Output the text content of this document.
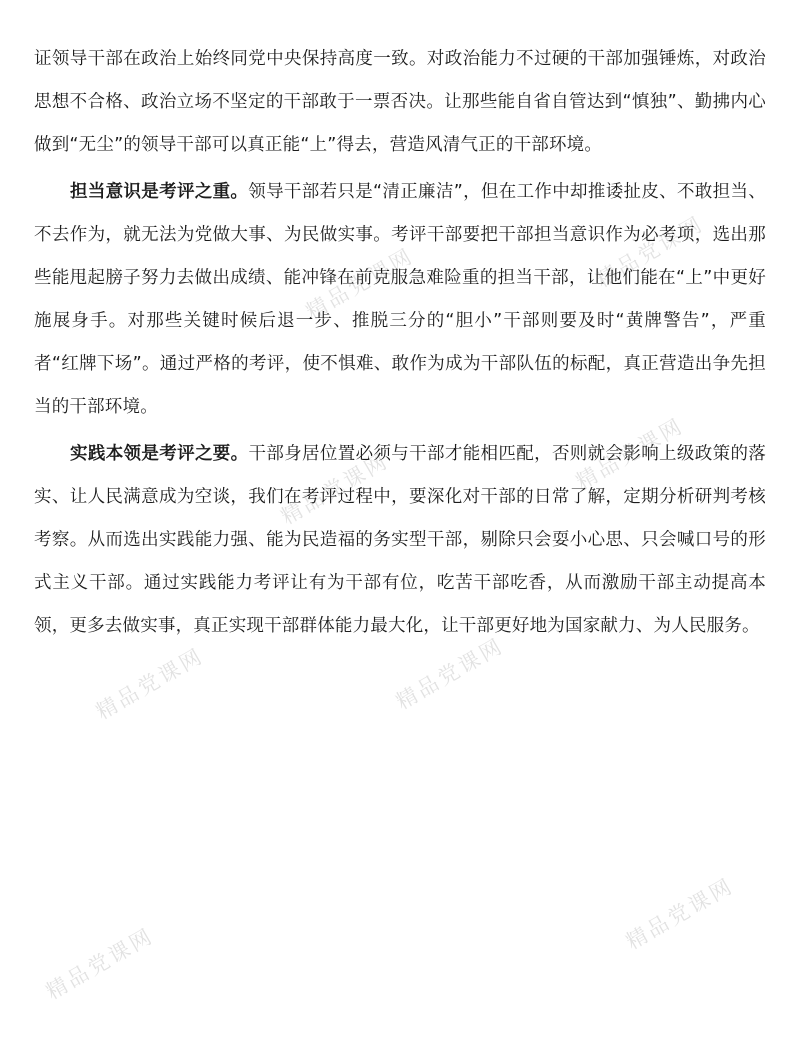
精品党课网	精品党课网
精品党课网	精品党课网
精品党课网	精品党课网
精品党课网
精品党课网

证领导干部在政治上始终同党中央保持高度一致。对政治能力不过硬的干部加强锤炼，对政治思想不合格、政治立场不坚定的干部敢于一票否决。让那些能自省自管达到“慎独”、勤拂内心做到“无尘”的领导干部可以真正能“上”得去，营造风清气正的干部环境。

担当意识是考评之重。领导干部若只是“清正廉洁”，但在工作中却推诿扯皮、不敢担当、不去作为，就无法为党做大事、为民做实事。考评干部要把干部担当意识作为必考项，选出那些能甩起膀子努力去做出成绩、能冲锋在前克服急难险重的担当干部，让他们能在“上”中更好施展身手。对那些关键时候后退一步、推脱三分的“胆小”干部则要及时“黄牌警告”，严重者“红牌下场”。通过严格的考评，使不惧难、敢作为成为干部队伍的标配，真正营造出争先担当的干部环境。

实践本领是考评之要。干部身居位置必须与干部才能相匹配，否则就会影响上级政策的落实、让人民满意成为空谈，我们在考评过程中，要深化对干部的日常了解，定期分析研判考核考察。从而选出实践能力强、能为民造福的务实型干部，剔除只会耍小心思、只会喊口号的形式主义干部。通过实践能力考评让有为干部有位，吃苦干部吃香，从而激励干部主动提高本领，更多去做实事，真正实现干部群体能力最大化，让干部更好地为国家献力、为人民服务。
